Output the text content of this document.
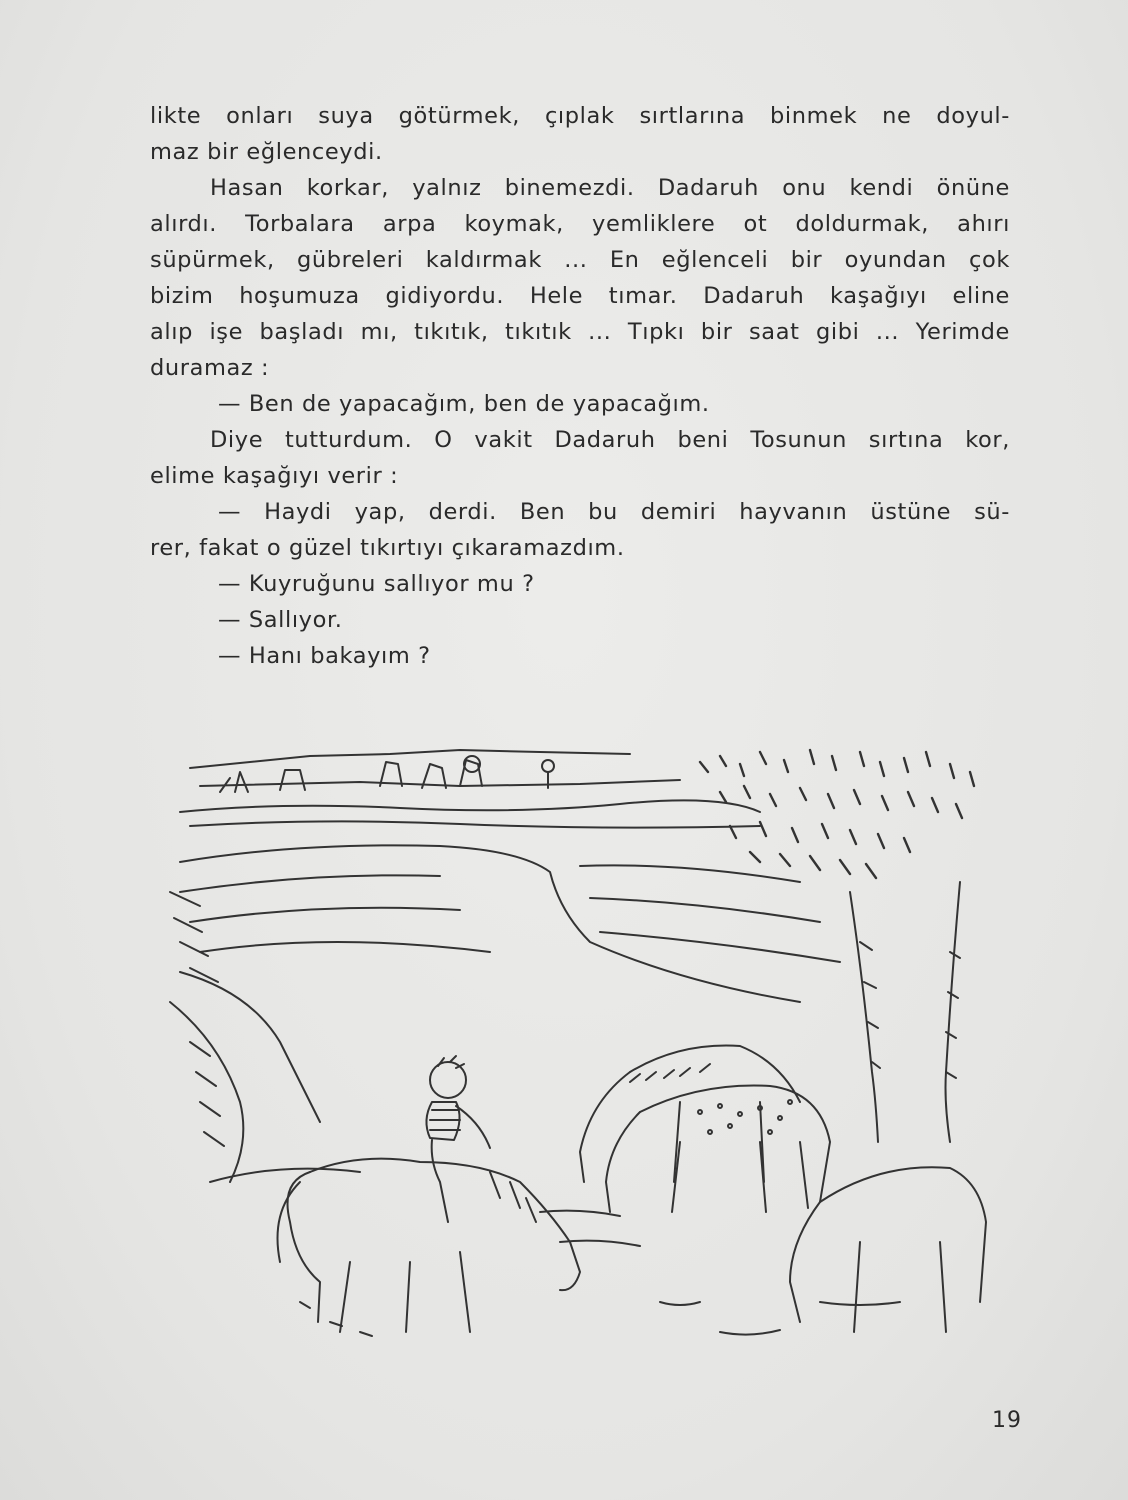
likte onları suya götürmek, çıplak sırtlarına binmek ne doyul-
maz bir eğlenceydi.
Hasan korkar, yalnız binemezdi. Dadaruh onu kendi önüne
alırdı. Torbalara arpa koymak, yemliklere ot doldurmak, ahırı
süpürmek, gübreleri kaldırmak ... En eğlenceli bir oyundan çok
bizim hoşumuza gidiyordu. Hele tımar. Dadaruh kaşağıyı eline
alıp işe başladı mı, tıkıtık, tıkıtık ... Tıpkı bir saat gibi ... Yerimde
duramaz :
— Ben de yapacağım, ben de yapacağım.
Diye tutturdum. O vakit Dadaruh beni Tosunun sırtına kor,
elime kaşağıyı verir :
— Haydi yap, derdi. Ben bu demiri hayvanın üstüne sü-
rer, fakat o güzel tıkırtıyı çıkaramazdım.
— Kuyruğunu sallıyor mu ?
— Sallıyor.
— Hanı bakayım ?
19
